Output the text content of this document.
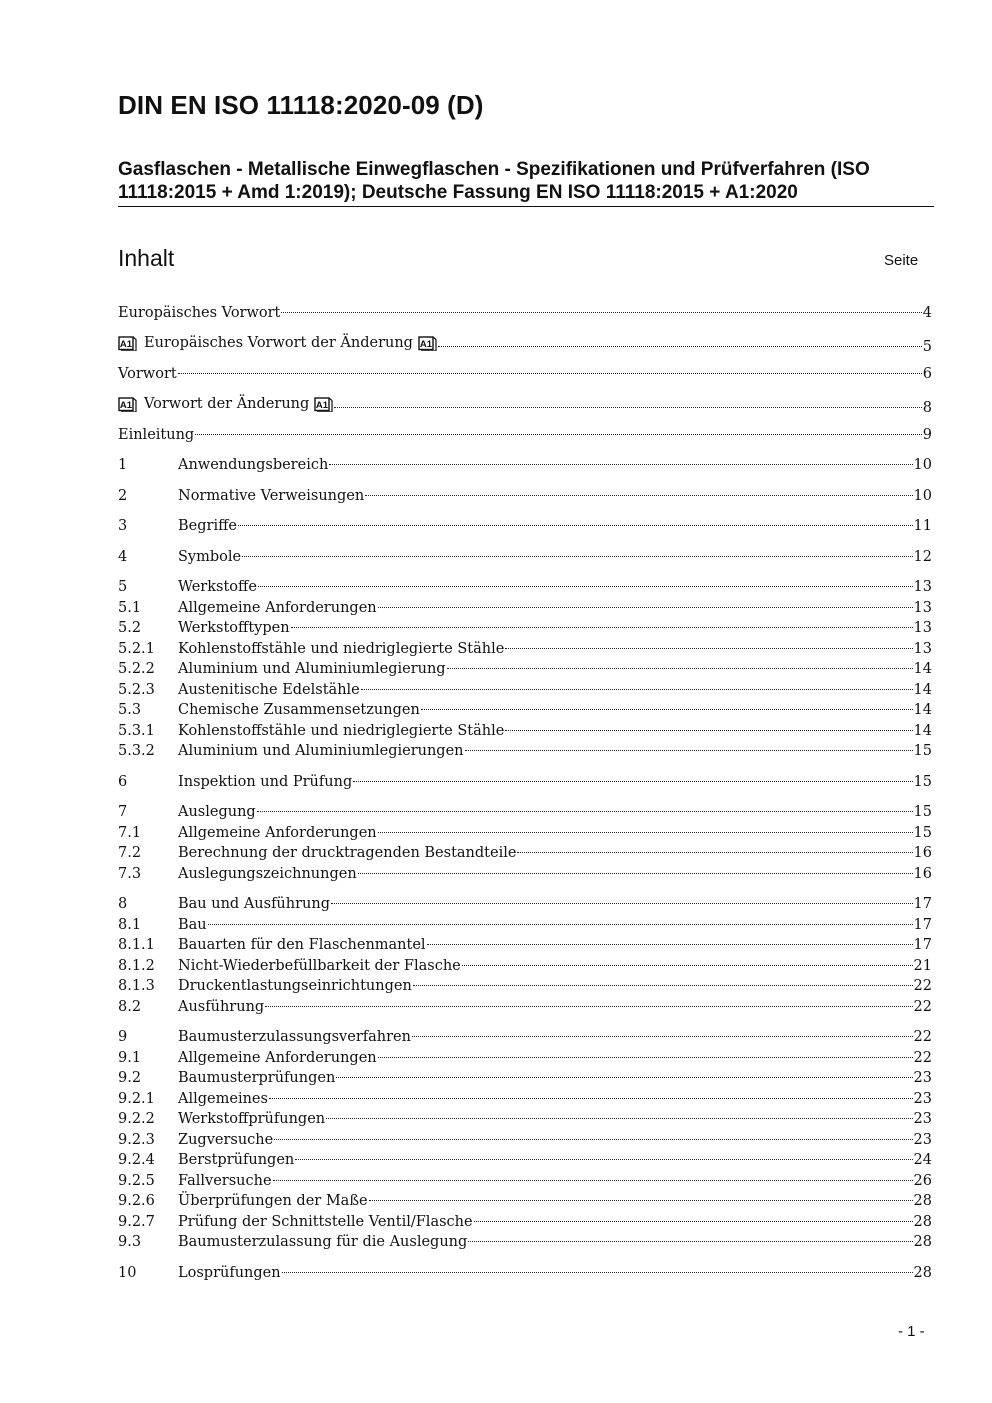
DIN EN ISO 11118:2020-09 (D)
Gasflaschen - Metallische Einwegflaschen - Spezifikationen und Prüfverfahren (ISO 11118:2015 + Amd 1:2019); Deutsche Fassung EN ISO 11118:2015 + A1:2020
Inhalt	Seite
Europäisches Vorwort	4
A1 Europäisches Vorwort der Änderung A1	5
Vorwort	6
A1 Vorwort der Änderung A1	8
Einleitung	9
1	Anwendungsbereich	10
2	Normative Verweisungen	10
3	Begriffe	11
4	Symbole	12
5	Werkstoffe	13
5.1	Allgemeine Anforderungen	13
5.2	Werkstofftypen	13
5.2.1	Kohlenstoffstähle und niedriglegierte Stähle	13
5.2.2	Aluminium und Aluminiumlegierung	14
5.2.3	Austenitische Edelstähle	14
5.3	Chemische Zusammensetzungen	14
5.3.1	Kohlenstoffstähle und niedriglegierte Stähle	14
5.3.2	Aluminium und Aluminiumlegierungen	15
6	Inspektion und Prüfung	15
7	Auslegung	15
7.1	Allgemeine Anforderungen	15
7.2	Berechnung der drucktragenden Bestandteile	16
7.3	Auslegungszeichnungen	16
8	Bau und Ausführung	17
8.1	Bau	17
8.1.1	Bauarten für den Flaschenmantel	17
8.1.2	Nicht-Wiederbefüllbarkeit der Flasche	21
8.1.3	Druckentlastungseinrichtungen	22
8.2	Ausführung	22
9	Baumusterzulassungsverfahren	22
9.1	Allgemeine Anforderungen	22
9.2	Baumusterprüfungen	23
9.2.1	Allgemeines	23
9.2.2	Werkstoffprüfungen	23
9.2.3	Zugversuche	23
9.2.4	Berstprüfungen	24
9.2.5	Fallversuche	26
9.2.6	Überprüfungen der Maße	28
9.2.7	Prüfung der Schnittstelle Ventil/Flasche	28
9.3	Baumusterzulassung für die Auslegung	28
10	Losprüfungen	28
- 1 -
